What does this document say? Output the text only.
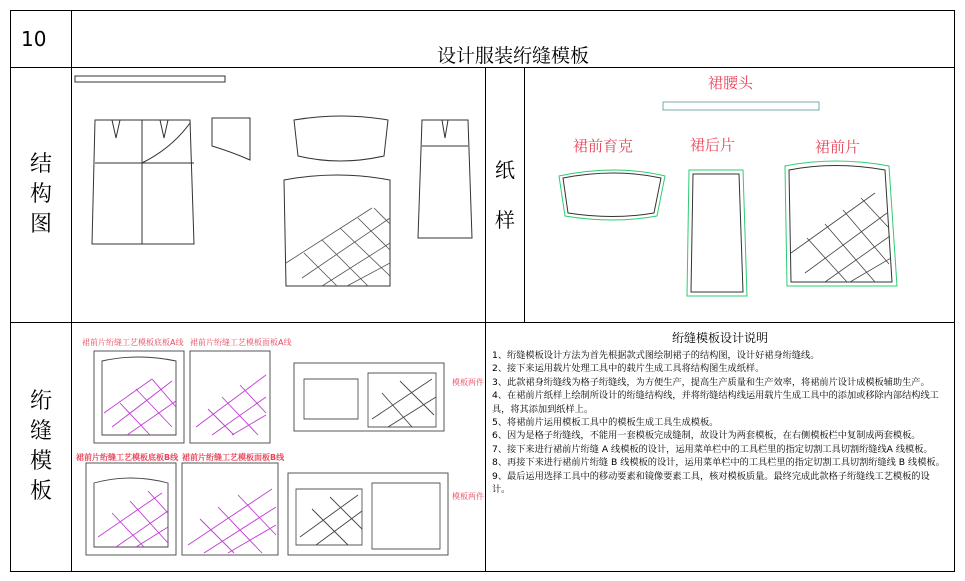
10
设计服装绗缝模板
结
构
图
纸
样
绗
缝
模
板
绗缝模板设计说明

1、绗缝模板设计方法为首先根据款式图绘制裙子的结构图，设计好裙身绗缝线。

2、接下来运用载片处理工具中的载片生成工具将结构图生成纸样。

3、此款裙身绗缝线为格子绗缝线，为方便生产，提高生产质量和生产效率，将裙前片设计成模板辅助生产。

4、在裙前片纸样上绘制所设计的绗缝结构线，并将绗缝结构线运用载片生成工具中的添加或移除内部结构线工具，将其添加到纸样上。

5、将裙前片运用模板工具中的模板生成工具生成模板。

6、因为是格子绗缝线，不能用一套模板完成缝制，故设计为两套模板，在右侧模板栏中复制成两套模板。

7、接下来进行裙前片绗缝 A 线模板的设计，运用菜单栏中的工具栏里的指定切割工具切割绗缝线A 线模板。

8、再接下来进行裙前片绗缝 B 线模板的设计，运用菜单栏中的工具栏里的指定切割工具切割绗缝线 B 线模板。

9、最后运用选择工具中的移动要素和镜像要素工具，核对模板质量。最终完成此款格子绗缝线工艺模板的设计。

裙腰头
裙前育克	裙后片	裙前片
裙前片绗缝工艺模板底板A线 裙前片绗缝工艺模板面板A线
裙前片绗缝工艺模板底板B线 裙前片绗缝工艺模板面板B线
模板两件
模板两件
